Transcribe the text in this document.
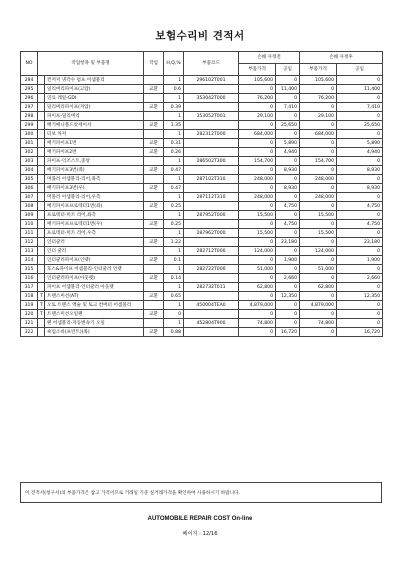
보험수리비 견적서
NO	작업항목 및 부품명		작업	H,Q,%	부품코드	손해 사정전		손해 사정후	
						부품가격	공임	부품가격	공임
294		컨저저 냉각수 펌프 어셈블리		1	296102T001	105,600	0	105,600	0
295		일리버리파이프(고압)	교환	0.6		0	11,400	0	11,400
296		연료 레일-GDI		1	353042T000	76,200	0	76,200	0
297		딜리버리파이프(저압)	교환	0.39		0	7,410	0	7,410
298		파이프-딜리버리		1	353052T001	29,100	0	29,100	0
299		배기매니폴드앗세이서	교환	1.35		0	25,650	0	25,650
300		터보 차저		1	282312T000	684,000	0	684,000	0
301		배기파이프1번	교환	0.31		0	5,890	0	5,890
302		배기파이프2번	교환	0.26		0	4,940	0	4,940
303		파이프-익조스트,중앙		1	286502T300	154,700	0	154,700	0
304		배기파이프3번(좌)	교환	0.47		0	8,930	0	8,930
305		머플러 어셈블리-리어,좌측		1	287102T310	248,000	0	248,000	0
306		배기파이프3번(우)	교환	0.47		0	8,930	0	8,930
307		머플러 어셈블리-리어,우측		1	287112T310	248,000	0	248,000	0
308		배기파이프프로텍터1번(좌)	교환	0.25		0	4,750	0	4,750
309		프로텍터-히트 리어,좌측		1	287952T000	15,500	0	15,500	0
310		배기파이프프로텍터1번(우)	교환	0.25		0	4,750	0	4,750
311		프로텍터-히트 리어,우측		1	287962T000	15,500	0	15,500	0
312		인터쿨러	교환	1.22		0	23,180	0	23,180
313		인터 쿨러		1	282712T000	124,000	0	124,000	0
314		인터쿨러파이프(인렛)	교환	0.1		0	1,900	0	1,900
315		호스&파이프 어셈블리-인터쿨러 인렛		1	282722T000	51,000	0	51,000	0
316		인터쿨러파이프(아웃렛)	교환	0.14		0	2,660	0	2,660
317		파이프 어셈블리-인터쿨러 아웃렛		1	282732T011	62,800	0	62,800	0
318	T	트랜스미션(AT)	교환	0.65		0	12,350	0	12,350
319	T	오토 트랜스 액슬 및 토크 컨버터 어셈블리		1	450004TEA0	4,879,000	0	4,879,000	0
320	T	트랜스미션오일팬	교환	0		0	0	0	0
321		팬 어셈블리-자동변속기 오일		1	452804T900	74,800	0	74,800	0
322		쇽업소바(프런트)(좌)	교환	0.88		0	16,720	0	16,720
이 견적서(청구서)의 부품가격은 참고 가격이므로 거래일 기준 실거래가격을 확인하여 사용하시기 바랍니다.
AUTOMOBILE REPAIR COST On-line
페이지 : 12/16
